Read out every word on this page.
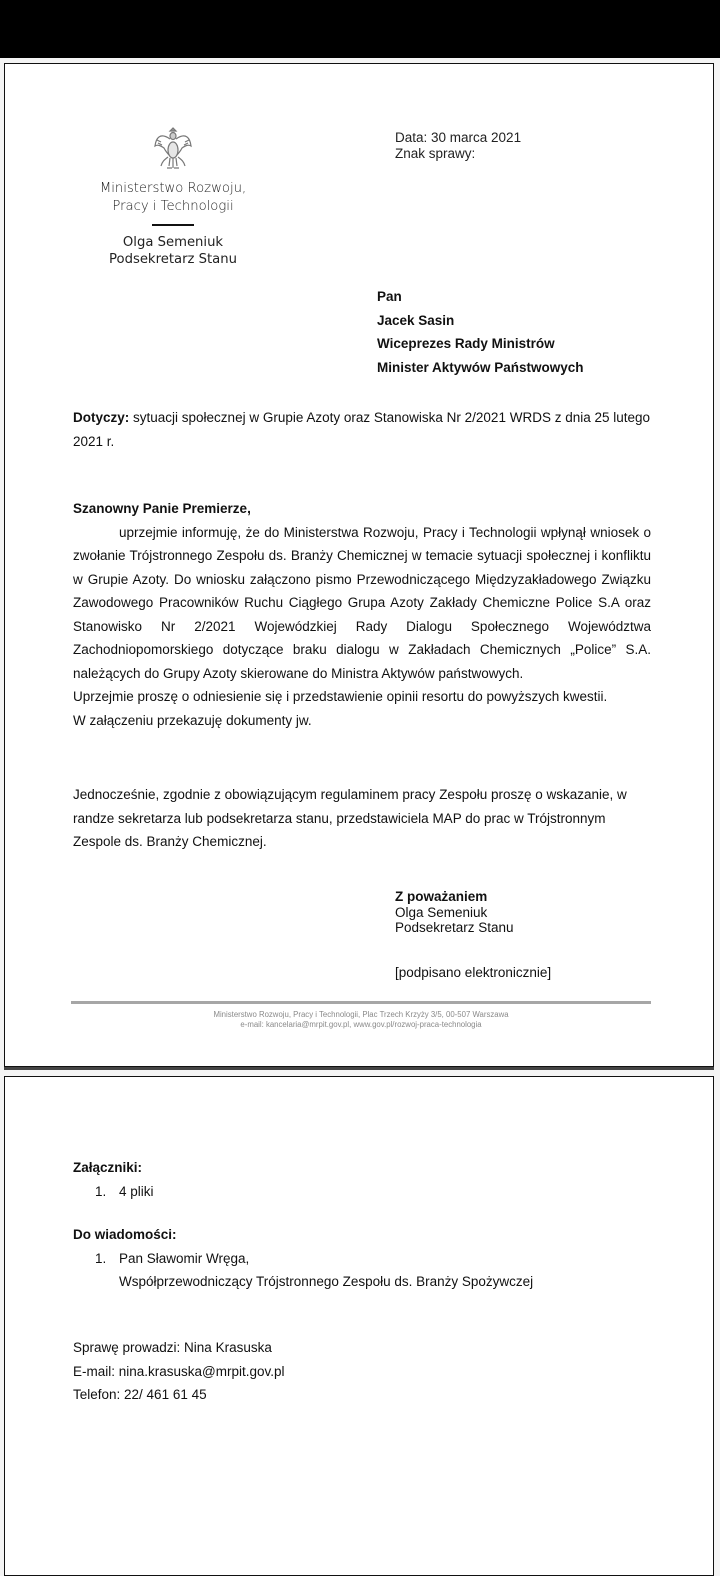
Ministerstwo Rozwoju,
Pracy i Technologii
Olga Semeniuk
Podsekretarz Stanu
Data: 30 marca 2021
Znak sprawy:
Pan
Jacek Sasin
Wiceprezes Rady Ministrów
Minister Aktywów Państwowych
Dotyczy: sytuacji społecznej w Grupie Azoty oraz Stanowiska Nr 2/2021 WRDS z dnia 25 lutego 2021 r.
Szanowny Panie Premierze,
uprzejmie informuję, że do Ministerstwa Rozwoju, Pracy i Technologii wpłynął wniosek o zwołanie Trójstronnego Zespołu ds. Branży Chemicznej w temacie sytuacji społecznej i konfliktu w Grupie Azoty. Do wniosku załączono pismo Przewodniczącego Międzyzakładowego Związku Zawodowego Pracowników Ruchu Ciągłego Grupa Azoty Zakłady Chemiczne Police S.A oraz Stanowisko Nr 2/2021 Wojewódzkiej Rady Dialogu Społecznego Województwa Zachodniopomorskiego dotyczące braku dialogu w Zakładach Chemicznych „Police” S.A. należących do Grupy Azoty skierowane do Ministra Aktywów państwowych.
Uprzejmie proszę o odniesienie się i przedstawienie opinii resortu do powyższych kwestii.
W załączeniu przekazuję dokumenty jw.
Jednocześnie, zgodnie z obowiązującym regulaminem pracy Zespołu proszę o wskazanie, w randze sekretarza lub podsekretarza stanu, przedstawiciela MAP do prac w Trójstronnym Zespole ds. Branży Chemicznej.
Z poważaniem
Olga Semeniuk
Podsekretarz Stanu
[podpisano elektronicznie]
Ministerstwo Rozwoju, Pracy i Technologii, Plac Trzech Krzyży 3/5, 00-507 Warszawa
e-mail: kancelaria@mrpit.gov.pl, www.gov.pl/rozwoj-praca-technologia
Załączniki:
1. 4 pliki
Do wiadomości:
1. Pan Sławomir Wręga,
Współprzewodniczący Trójstronnego Zespołu ds. Branży Spożywczej
Sprawę prowadzi: Nina Krasuska
E-mail: nina.krasuska@mrpit.gov.pl
Telefon: 22/ 461 61 45
